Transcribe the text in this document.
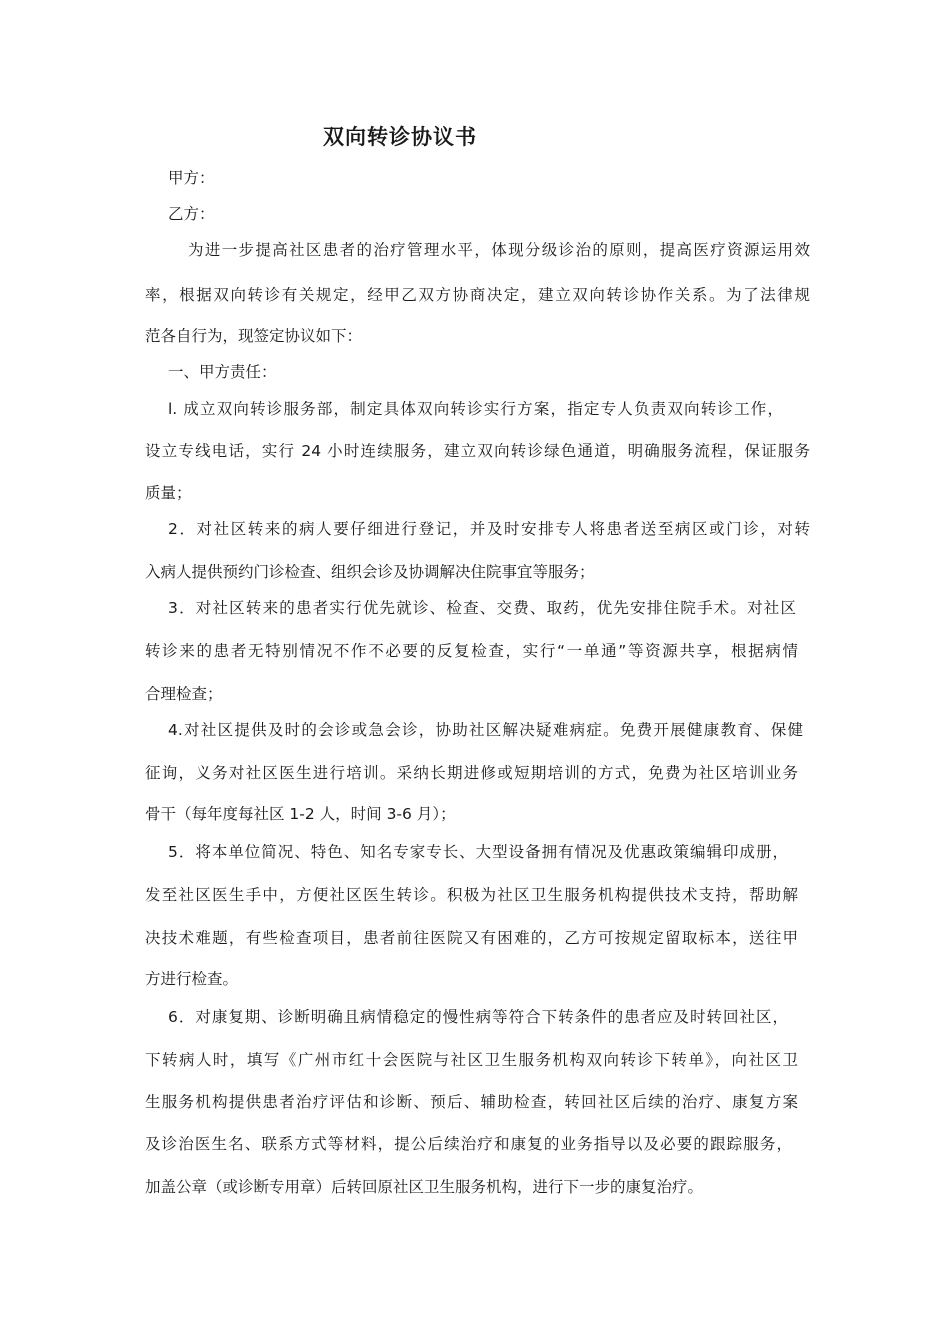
双向转诊协议书
甲方：
乙方：
为进一步提高社区患者的治疗管理水平，体现分级诊治的原则，提高医疗资源运用效
率，根据双向转诊有关规定，经甲乙双方协商决定，建立双向转诊协作关系。为了法律规
范各自行为，现签定协议如下：
一、甲方责任：
l. 成立双向转诊服务部，制定具体双向转诊实行方案，指定专人负责双向转诊工作，
设立专线电话，实行 24 小时连续服务，建立双向转诊绿色通道，明确服务流程，保证服务
质量；
2．对社区转来的病人要仔细进行登记，并及时安排专人将患者送至病区或门诊，对转
入病人提供预约门诊检查、组织会诊及协调解决住院事宜等服务；
3．对社区转来的患者实行优先就诊、检查、交费、取药，优先安排住院手术。对社区
转诊来的患者无特别情况不作不必要的反复检查，实行“一单通”等资源共享，根据病情
合理检查；
4.对社区提供及时的会诊或急会诊，协助社区解决疑难病症。免费开展健康教育、保健
征询，义务对社区医生进行培训。采纳长期进修或短期培训的方式，免费为社区培训业务
骨干（每年度每社区 1-2 人，时间 3-6 月）；
5．将本单位简况、特色、知名专家专长、大型设备拥有情况及优惠政策编辑印成册，
发至社区医生手中，方便社区医生转诊。积极为社区卫生服务机构提供技术支持，帮助解
决技术难题，有些检查项目，患者前往医院又有困难的，乙方可按规定留取标本，送往甲
方进行检查。
6．对康复期、诊断明确且病情稳定的慢性病等符合下转条件的患者应及时转回社区，
下转病人时，填写《广州市红十会医院与社区卫生服务机构双向转诊下转单》，向社区卫
生服务机构提供患者治疗评估和诊断、预后、辅助检查，转回社区后续的治疗、康复方案
及诊治医生名、联系方式等材料，提公后续治疗和康复的业务指导以及必要的跟踪服务，
加盖公章（或诊断专用章）后转回原社区卫生服务机构，进行下一步的康复治疗。
